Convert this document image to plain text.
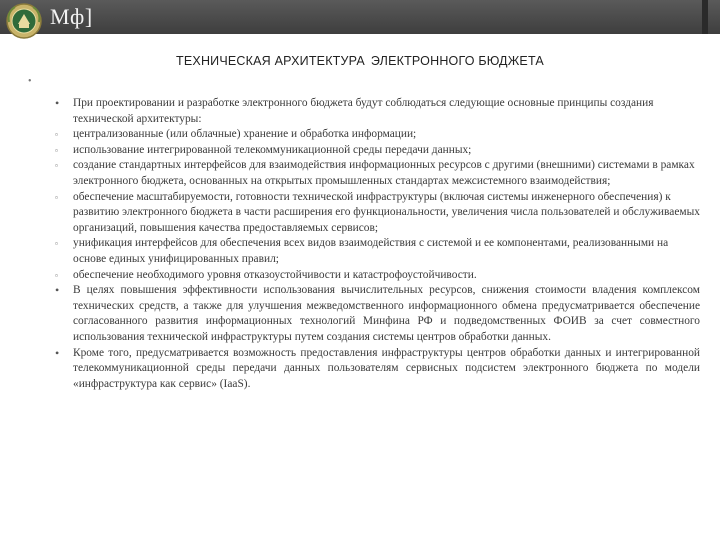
Мф]
ТЕХНИЧЕСКАЯ АРХИТЕКТУРА ЭЛЕКТРОННОГО БЮДЖЕТА
•

•	При проектировании и разработке электронного бюджета будут соблюдаться следующие основные принципы создания технической архитектуры:

▫	централизованные (или облачные) хранение и обработка информации;

▫	использование интегрированной телекоммуникационной среды передачи данных;

▫	создание стандартных интерфейсов для взаимодействия информационных ресурсов с другими (внешними) системами в рамках электронного бюджета, основанных на открытых промышленных стандартах межсистемного взаимодействия;

▫	обеспечение масштабируемости, готовности технической инфраструктуры (включая системы инженерного обеспечения) к развитию электронного бюджета в части расширения его функциональности, увеличения числа пользователей и обслуживаемых организаций, повышения качества предоставляемых сервисов;

▫	унификация интерфейсов для обеспечения всех видов взаимодействия с системой и ее компонентами, реализованными на основе единых унифицированных правил;

▫	обеспечение необходимого уровня отказоустойчивости и катастрофоустойчивости.

•	В целях повышения эффективности использования вычислительных ресурсов, снижения стоимости владения комплексом технических средств, а также для улучшения межведомственного информационного обмена предусматривается обеспечение согласованного развития информационных технологий Минфина РФ и подведомственных ФОИВ за счет совместного использования технической инфраструктуры путем создания системы центров обработки данных.

•	Кроме того, предусматривается возможность предоставления инфраструктуры центров обработки данных и интегрированной телекоммуникационной среды передачи данных пользователям сервисных подсистем электронного бюджета по модели «инфраструктура как сервис» (IaaS).
